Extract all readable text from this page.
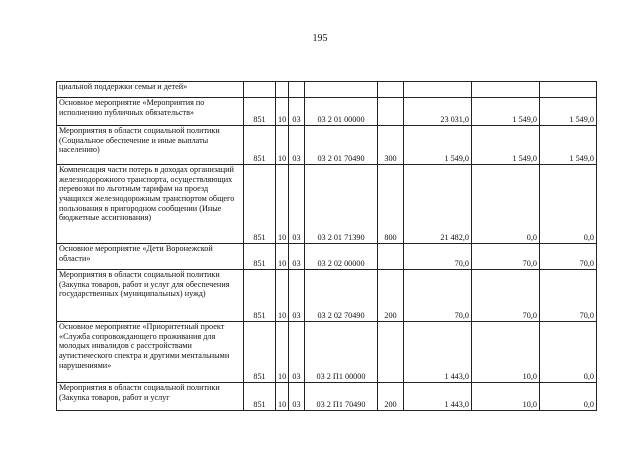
195
циальной поддержки семьи и детей»								
Основное мероприятие «Мероприятия по исполнению публичных обязательств»	851	10	03	03 2 01 00000		23 031,0	1 549,0	1 549,0
Мероприятия в области социальной политики (Социальное обеспечение и иные выплаты населению)	851	10	03	03 2 01 70490	300	1 549,0	1 549,0	1 549,0
Компенсация части потерь в доходах организаций железнодорожного транспорта, осуществляющих перевозки по льготным тарифам на проезд учащихся железнодорожным транспортом общего пользования в пригородном сообщении (Иные бюджетные ассигнования)	851	10	03	03 2 01 71390	800	21 482,0	0,0	0,0
Основное мероприятие «Дети Воронежской области»	851	10	03	03 2 02 00000		70,0	70,0	70,0
Мероприятия в области социальной политики (Закупка товаров, работ и услуг для обеспечения государственных (муниципальных) нужд)	851	10	03	03 2 02 70490	200	70,0	70,0	70,0
Основное мероприятие «Приоритетный проект «Служба сопровождающего проживания для молодых инвалидов с расстройствами аутистического спектра и другими ментальными нарушениями»	851	10	03	03 2 П1 00000		1 443,0	10,0	0,0
Мероприятия в области социальной политики (Закупка товаров, работ и услуг	851	10	03	03 2 П1 70490	200	1 443,0	10,0	0,0
